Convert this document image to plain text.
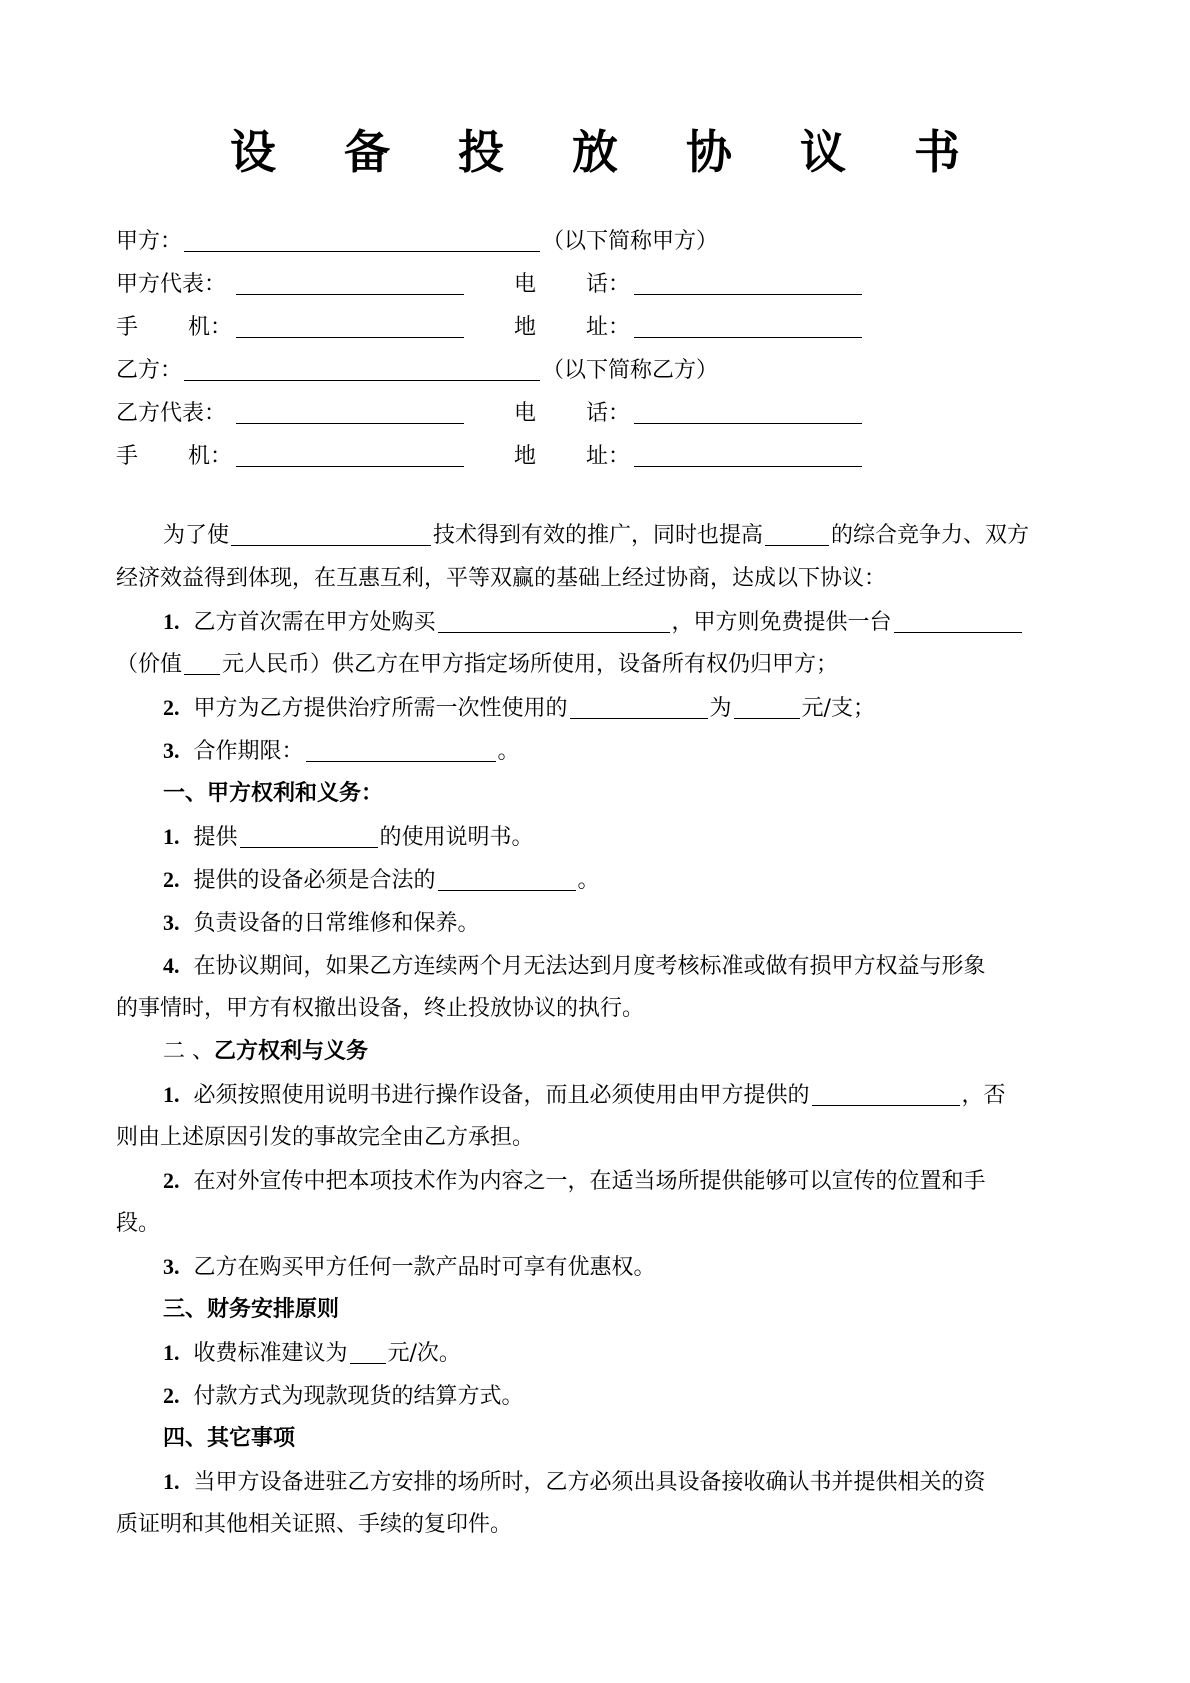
设 备 投 放 协 议 书
甲方：	（以下简称甲方）
甲方代表：	电 话：
手 机：	地 址：
乙方：	（以下简称乙方）
乙方代表：	电 话：
手 机：	地 址：
为了使	技术得到有效的推广，同时也提高	的综合竞争力、双方
经济效益得到体现，在互惠互利，平等双赢的基础上经过协商，达成以下协议：
1. 乙方首次需在甲方处购买	，甲方则免费提供一台
（价值 元人民币）供乙方在甲方指定场所使用，设备所有权仍归甲方；
2. 甲方为乙方提供治疗所需一次性使用的	为	元/支；
3. 合作期限：	。
一、甲方权利和义务：
1. 提供	的使用说明书。
2. 提供的设备必须是合法的	。
3. 负责设备的日常维修和保养。
4. 在协议期间，如果乙方连续两个月无法达到月度考核标准或做有损甲方权益与形象
的事情时，甲方有权撤出设备，终止投放协议的执行。
二 、乙方权利与义务
1. 必须按照使用说明书进行操作设备，而且必须使用由甲方提供的	，否
则由上述原因引发的事故完全由乙方承担。
2. 在对外宣传中把本项技术作为内容之一，在适当场所提供能够可以宣传的位置和手
段。
3. 乙方在购买甲方任何一款产品时可享有优惠权。
三、财务安排原则
1. 收费标准建议为 元/次。
2. 付款方式为现款现货的结算方式。
四、其它事项
1. 当甲方设备进驻乙方安排的场所时，乙方必须出具设备接收确认书并提供相关的资
质证明和其他相关证照、手续的复印件。
